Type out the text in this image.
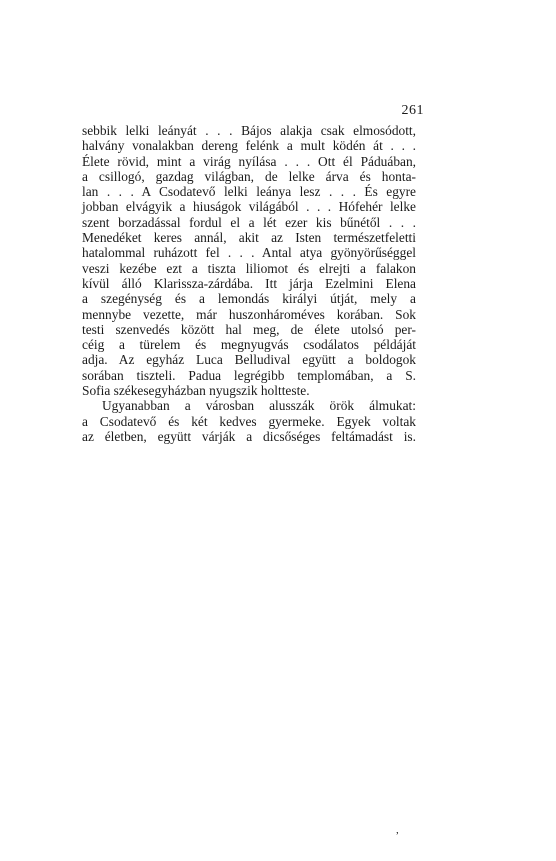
261
sebbik lelki leányát . . . Bájos alakja csak elmosódott,
halvány vonalakban dereng felénk a mult ködén át . . .
Élete rövid, mint a virág nyílása . . . Ott él Páduában,
a csillogó, gazdag világban, de lelke árva és honta-
lan . . . A Csodatevő lelki leánya lesz . . . És egyre
jobban elvágyik a hiuságok világából . . . Hófehér lelke
szent borzadással fordul el a lét ezer kis bűnétől . . .
Menedéket keres annál, akit az Isten természetfeletti
hatalommal ruházott fel . . . Antal atya gyönyörűséggel
veszi kezébe ezt a tiszta liliomot és elrejti a falakon
kívül álló Klarissza-zárdába. Itt járja Ezelmini Elena
a szegénység és a lemondás királyi útját, mely a
mennybe vezette, már huszonhároméves korában. Sok
testi szenvedés között hal meg, de élete utolsó per-
céig a türelem és megnyugvás csodálatos példáját
adja. Az egyház Luca Belludival együtt a boldogok
sorában tiszteli. Padua legrégibb templomában, a S.
Sofia székesegyházban nyugszik holtteste.
Ugyanabban a városban alusszák örök álmukat:
a Csodatevő és két kedves gyermeke. Egyek voltak
az életben, együtt várják a dicsőséges feltámadást is.
,
